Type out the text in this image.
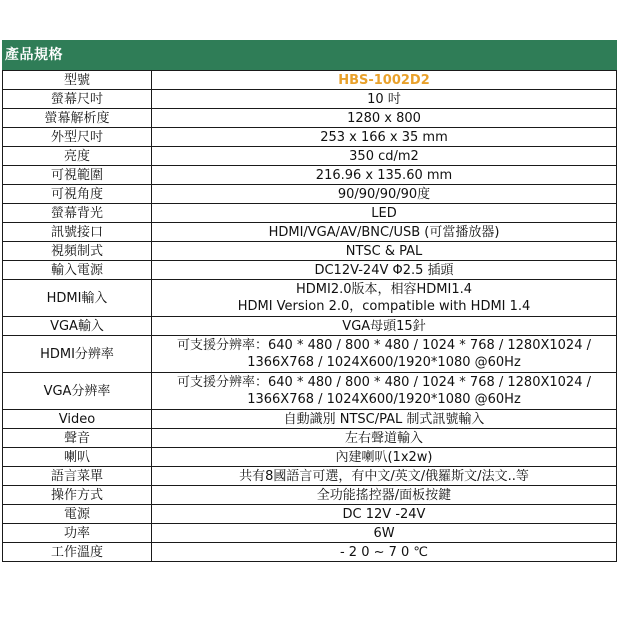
產品規格
型號	HBS-1002D2
螢幕尺吋	10 吋
螢幕解析度	1280 x 800
外型尺吋	253 x 166 x 35 mm
亮度	350 cd/m2
可視範圍	216.96 x 135.60 mm
可視角度	90/90/90/90度
螢幕背光	LED
訊號接口	HDMI/VGA/AV/BNC/USB (可當播放器)
視頻制式	NTSC & PAL
輸入電源	DC12V-24V Φ2.5 插頭
HDMI輸入	HDMI2.0版本，相容HDMI1.4
HDMI Version 2.0，compatible with HDMI 1.4

VGA輸入	VGA母頭15針
HDMI分辨率	可支援分辨率：640 * 480 / 800 * 480 / 1024 * 768 / 1280X1024 /
1366X768 / 1024X600/1920*1080 @60Hz

VGA分辨率	可支援分辨率：640 * 480 / 800 * 480 / 1024 * 768 / 1280X1024 /
1366X768 / 1024X600/1920*1080 @60Hz

Video	自動識別 NTSC/PAL 制式訊號輸入
聲音	左右聲道輸入
喇叭	內建喇叭(1x2w)
語言菜單	共有8國語言可選，有中文/英文/俄羅斯文/法文..等
操作方式	全功能搖控器/面板按鍵
電源	DC 12V -24V
功率	6W
工作溫度	- 2 0 ~ 7 0 ℃
